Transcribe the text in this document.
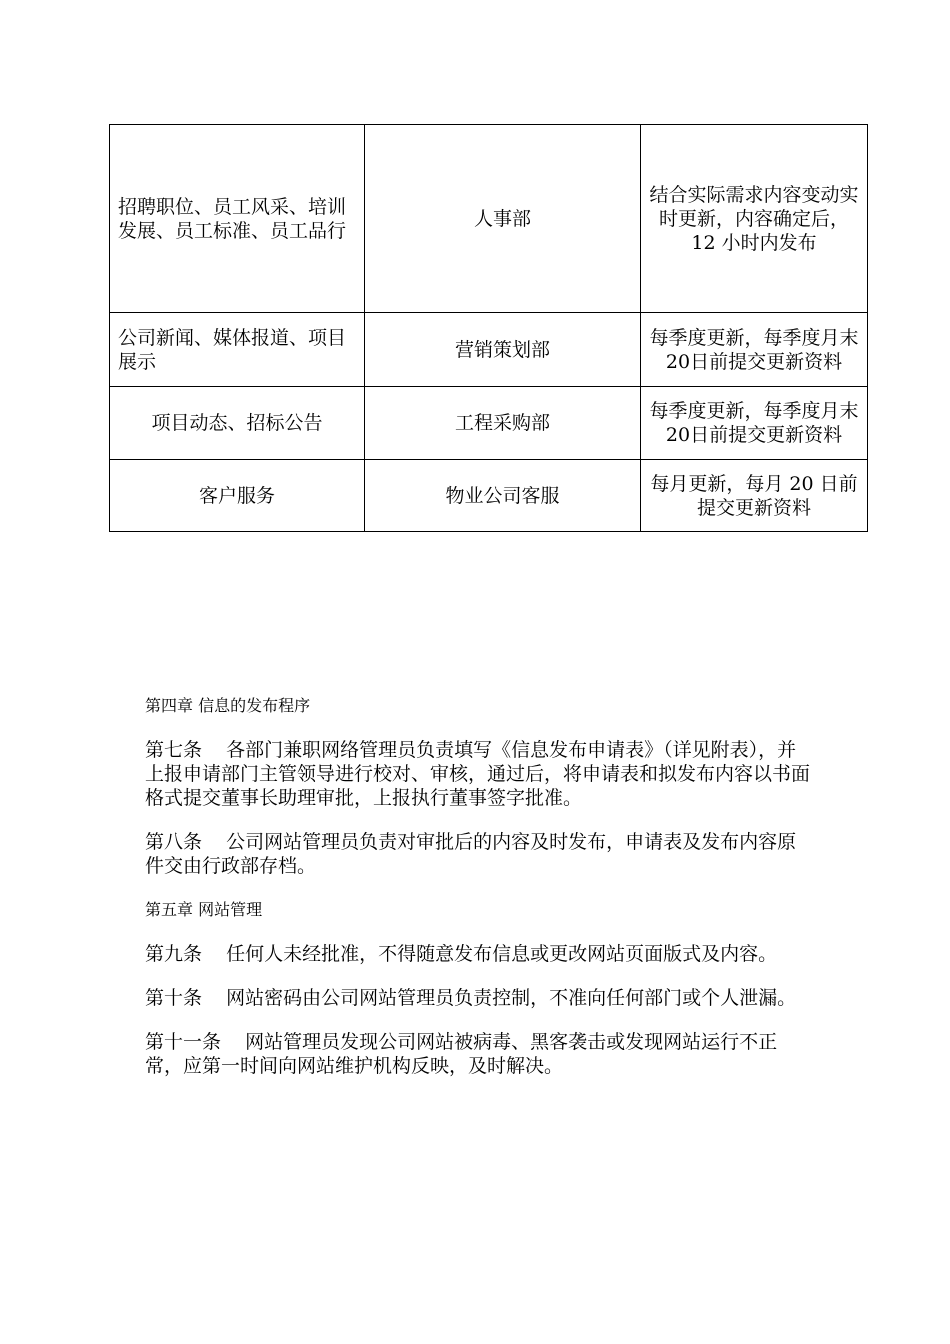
招聘职位、员工风采、培训发展、员工标准、员工品行	人事部	结合实际需求内容变动实时更新，内容确定后，12 小时内发布
公司新闻、媒体报道、项目展示	营销策划部	每季度更新，每季度月末20日前提交更新资料
项目动态、招标公告	工程采购部	每季度更新，每季度月末20日前提交更新资料
客户服务	物业公司客服	每月更新，每月 20 日前提交更新资料

第四章 信息的发布程序

第七条    各部门兼职网络管理员负责填写《信息发布申请表》（详见附表），并上报申请部门主管领导进行校对、审核，通过后，将申请表和拟发布内容以书面格式提交董事长助理审批，上报执行董事签字批准。

第八条    公司网站管理员负责对审批后的内容及时发布，申请表及发布内容原件交由行政部存档。

第五章 网站管理

第九条    任何人未经批准，不得随意发布信息或更改网站页面版式及内容。

第十条    网站密码由公司网站管理员负责控制，不准向任何部门或个人泄漏。

第十一条    网站管理员发现公司网站被病毒、黑客袭击或发现网站运行不正常，应第一时间向网站维护机构反映，及时解决。
